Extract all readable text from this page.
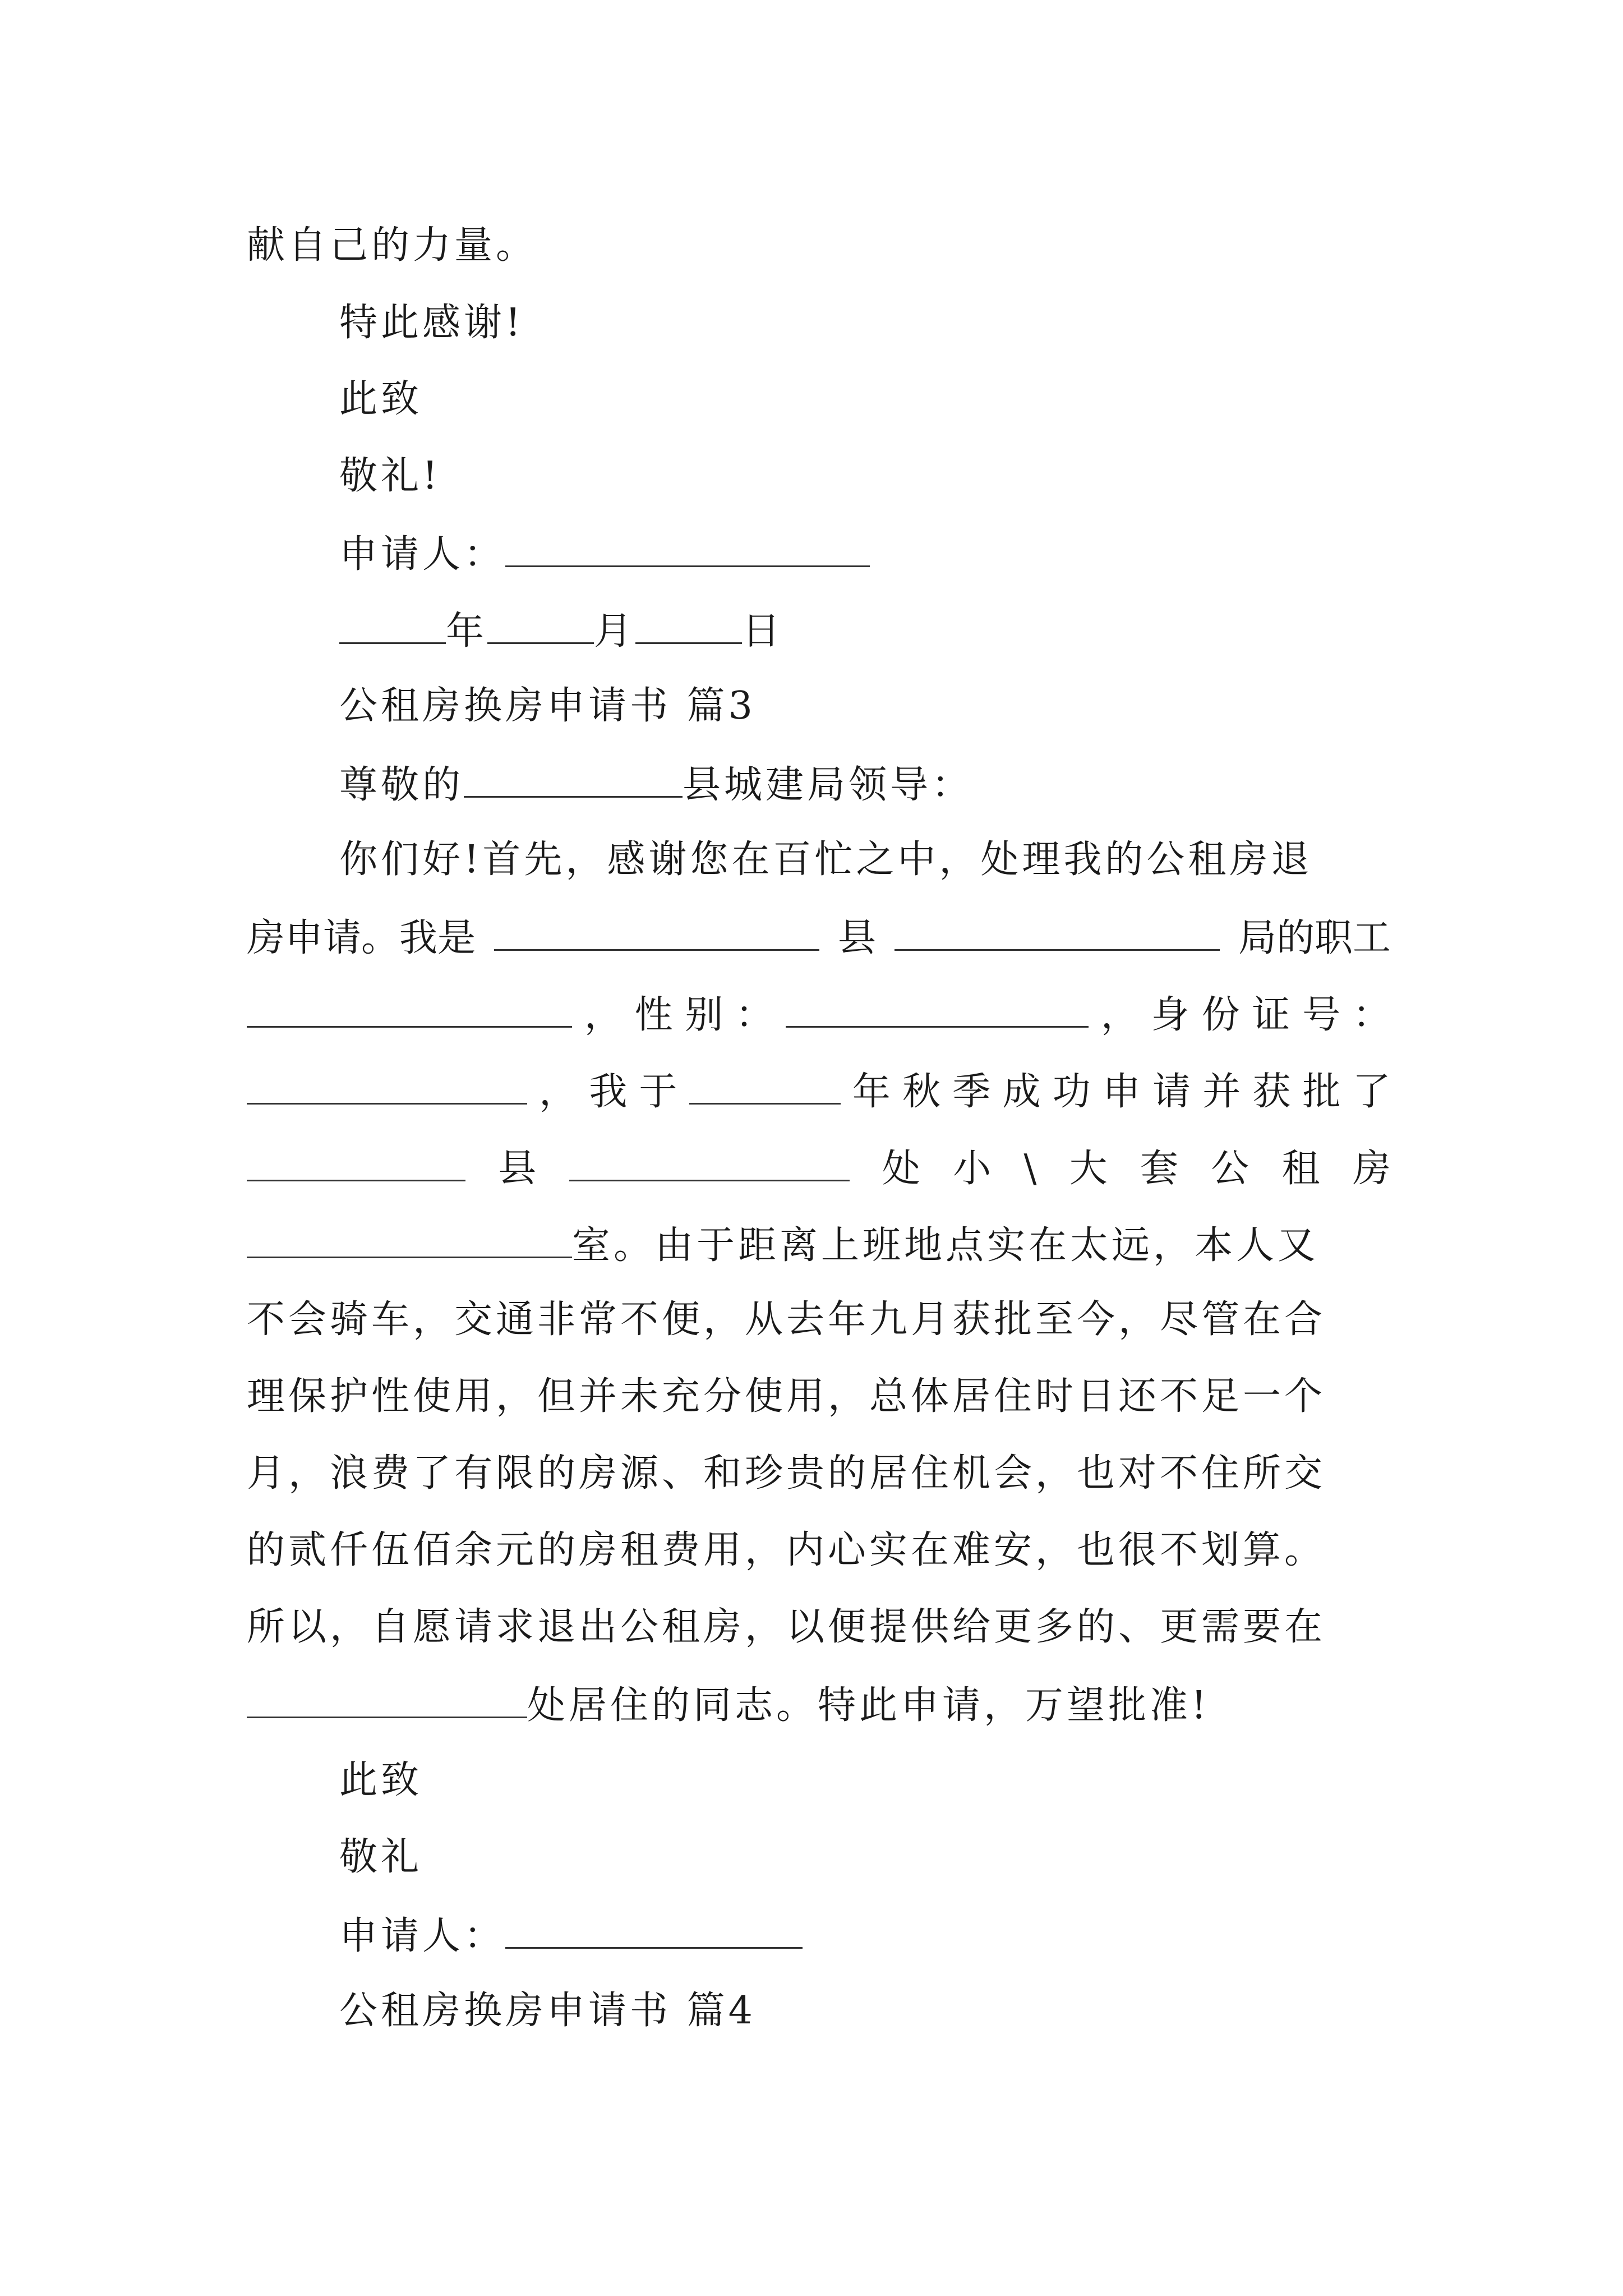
献自己的力量。
特此感谢!
此致
敬礼!
申请人：
年	月	日
公租房换房申请书 篇3
尊敬的	县城建局领导：
你们好!首先，感谢您在百忙之中，处理我的公租房退
房申请。我是	县	局的职工
， 性 别 ：	， 身 份 证 号 ：
， 我 于	年 秋 季 成 功 申 请 并 获 批 了
县	处 小 \ 大 套 公 租 房
室。由于距离上班地点实在太远，本人又
不会骑车，交通非常不便，从去年九月获批至今，尽管在合
理保护性使用，但并未充分使用，总体居住时日还不足一个
月，浪费了有限的房源、和珍贵的居住机会，也对不住所交
的贰仟伍佰余元的房租费用，内心实在难安，也很不划算。
所以，自愿请求退出公租房，以便提供给更多的、更需要在
处居住的同志。特此申请，万望批准!
此致
敬礼
申请人：
公租房换房申请书 篇4
